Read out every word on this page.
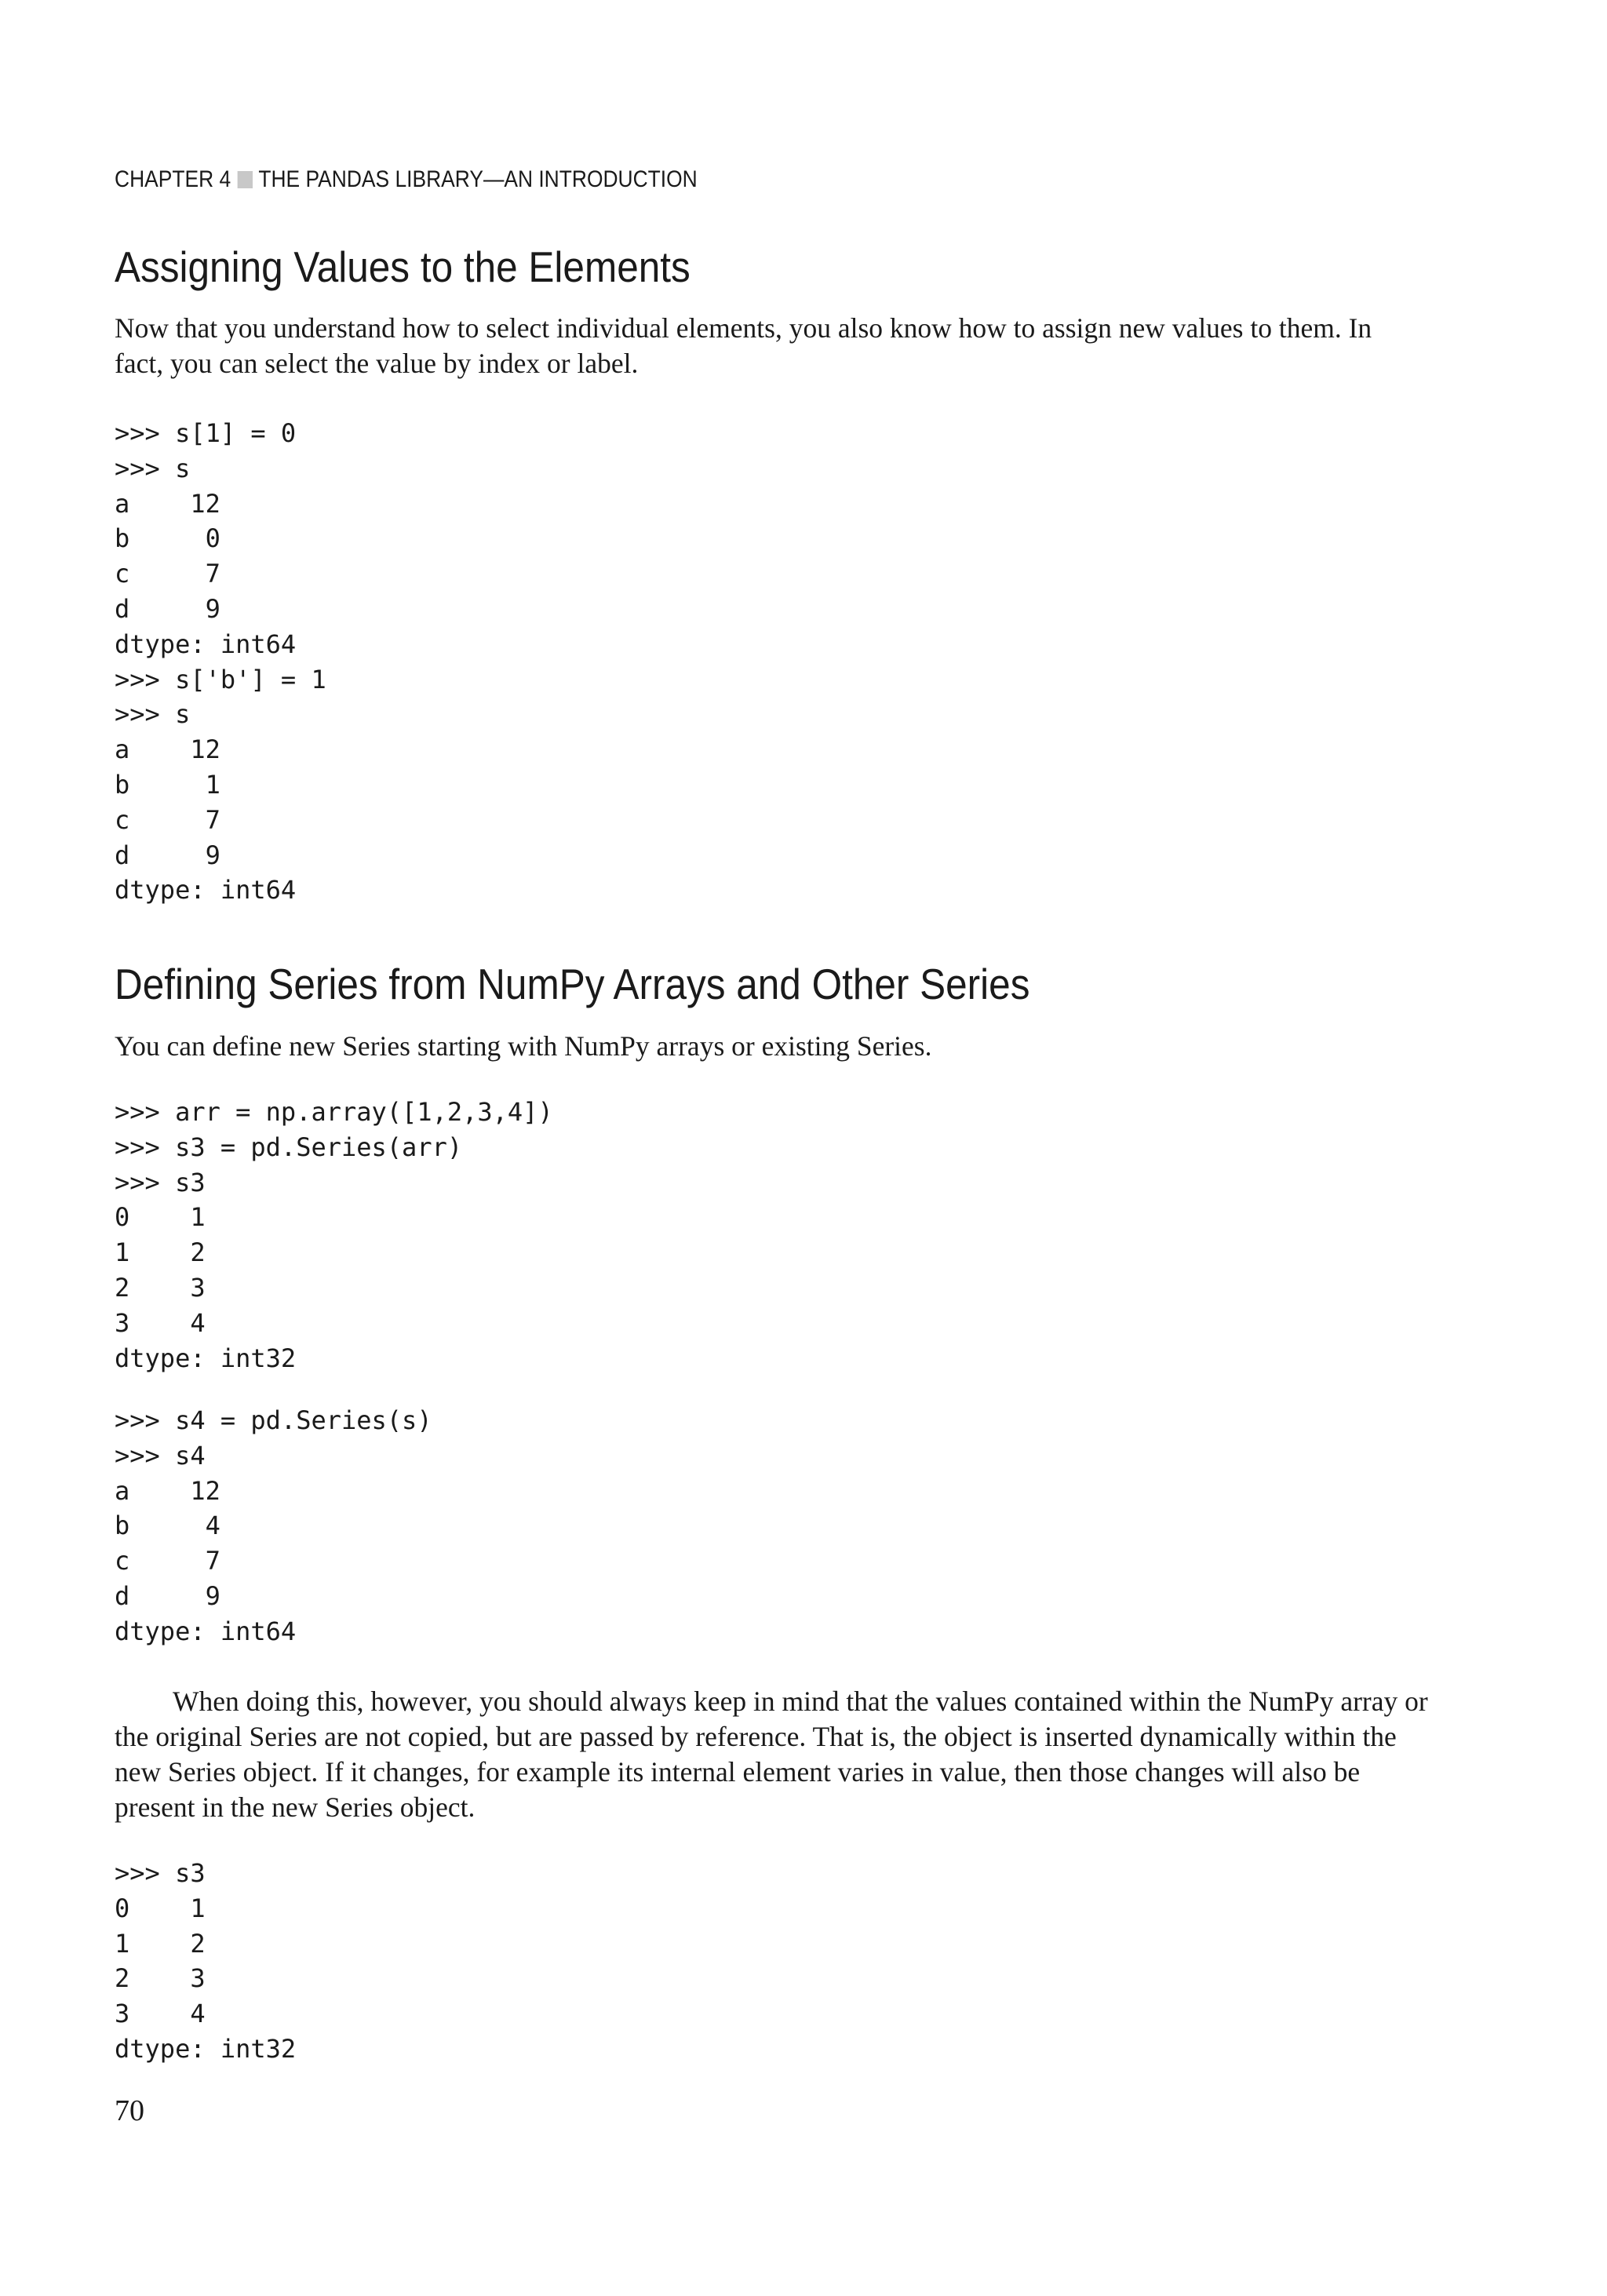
CHAPTER 4 THE PANDAS LIBRARY—AN INTRODUCTION
Assigning Values to the Elements

Now that you understand how to select individual elements, you also know how to assign new values to them. In fact, you can select the value by index or label.

>>> s[1] = 0
>>> s
a    12
b     0
c     7
d     9
dtype: int64
>>> s['b'] = 1
>>> s
a    12
b     1
c     7
d     9
dtype: int64
Defining Series from NumPy Arrays and Other Series

You can define new Series starting with NumPy arrays or existing Series.

>>> arr = np.array([1,2,3,4])
>>> s3 = pd.Series(arr)
>>> s3
0    1
1    2
2    3
3    4
dtype: int32
>>> s4 = pd.Series(s)
>>> s4
a    12
b     4
c     7
d     9
dtype: int64

When doing this, however, you should always keep in mind that the values contained within the NumPy array or the original Series are not copied, but are passed by reference. That is, the object is inserted dynamically within the new Series object. If it changes, for example its internal element varies in value, then those changes will also be present in the new Series object.

>>> s3
0    1
1    2
2    3
3    4
dtype: int32
70
